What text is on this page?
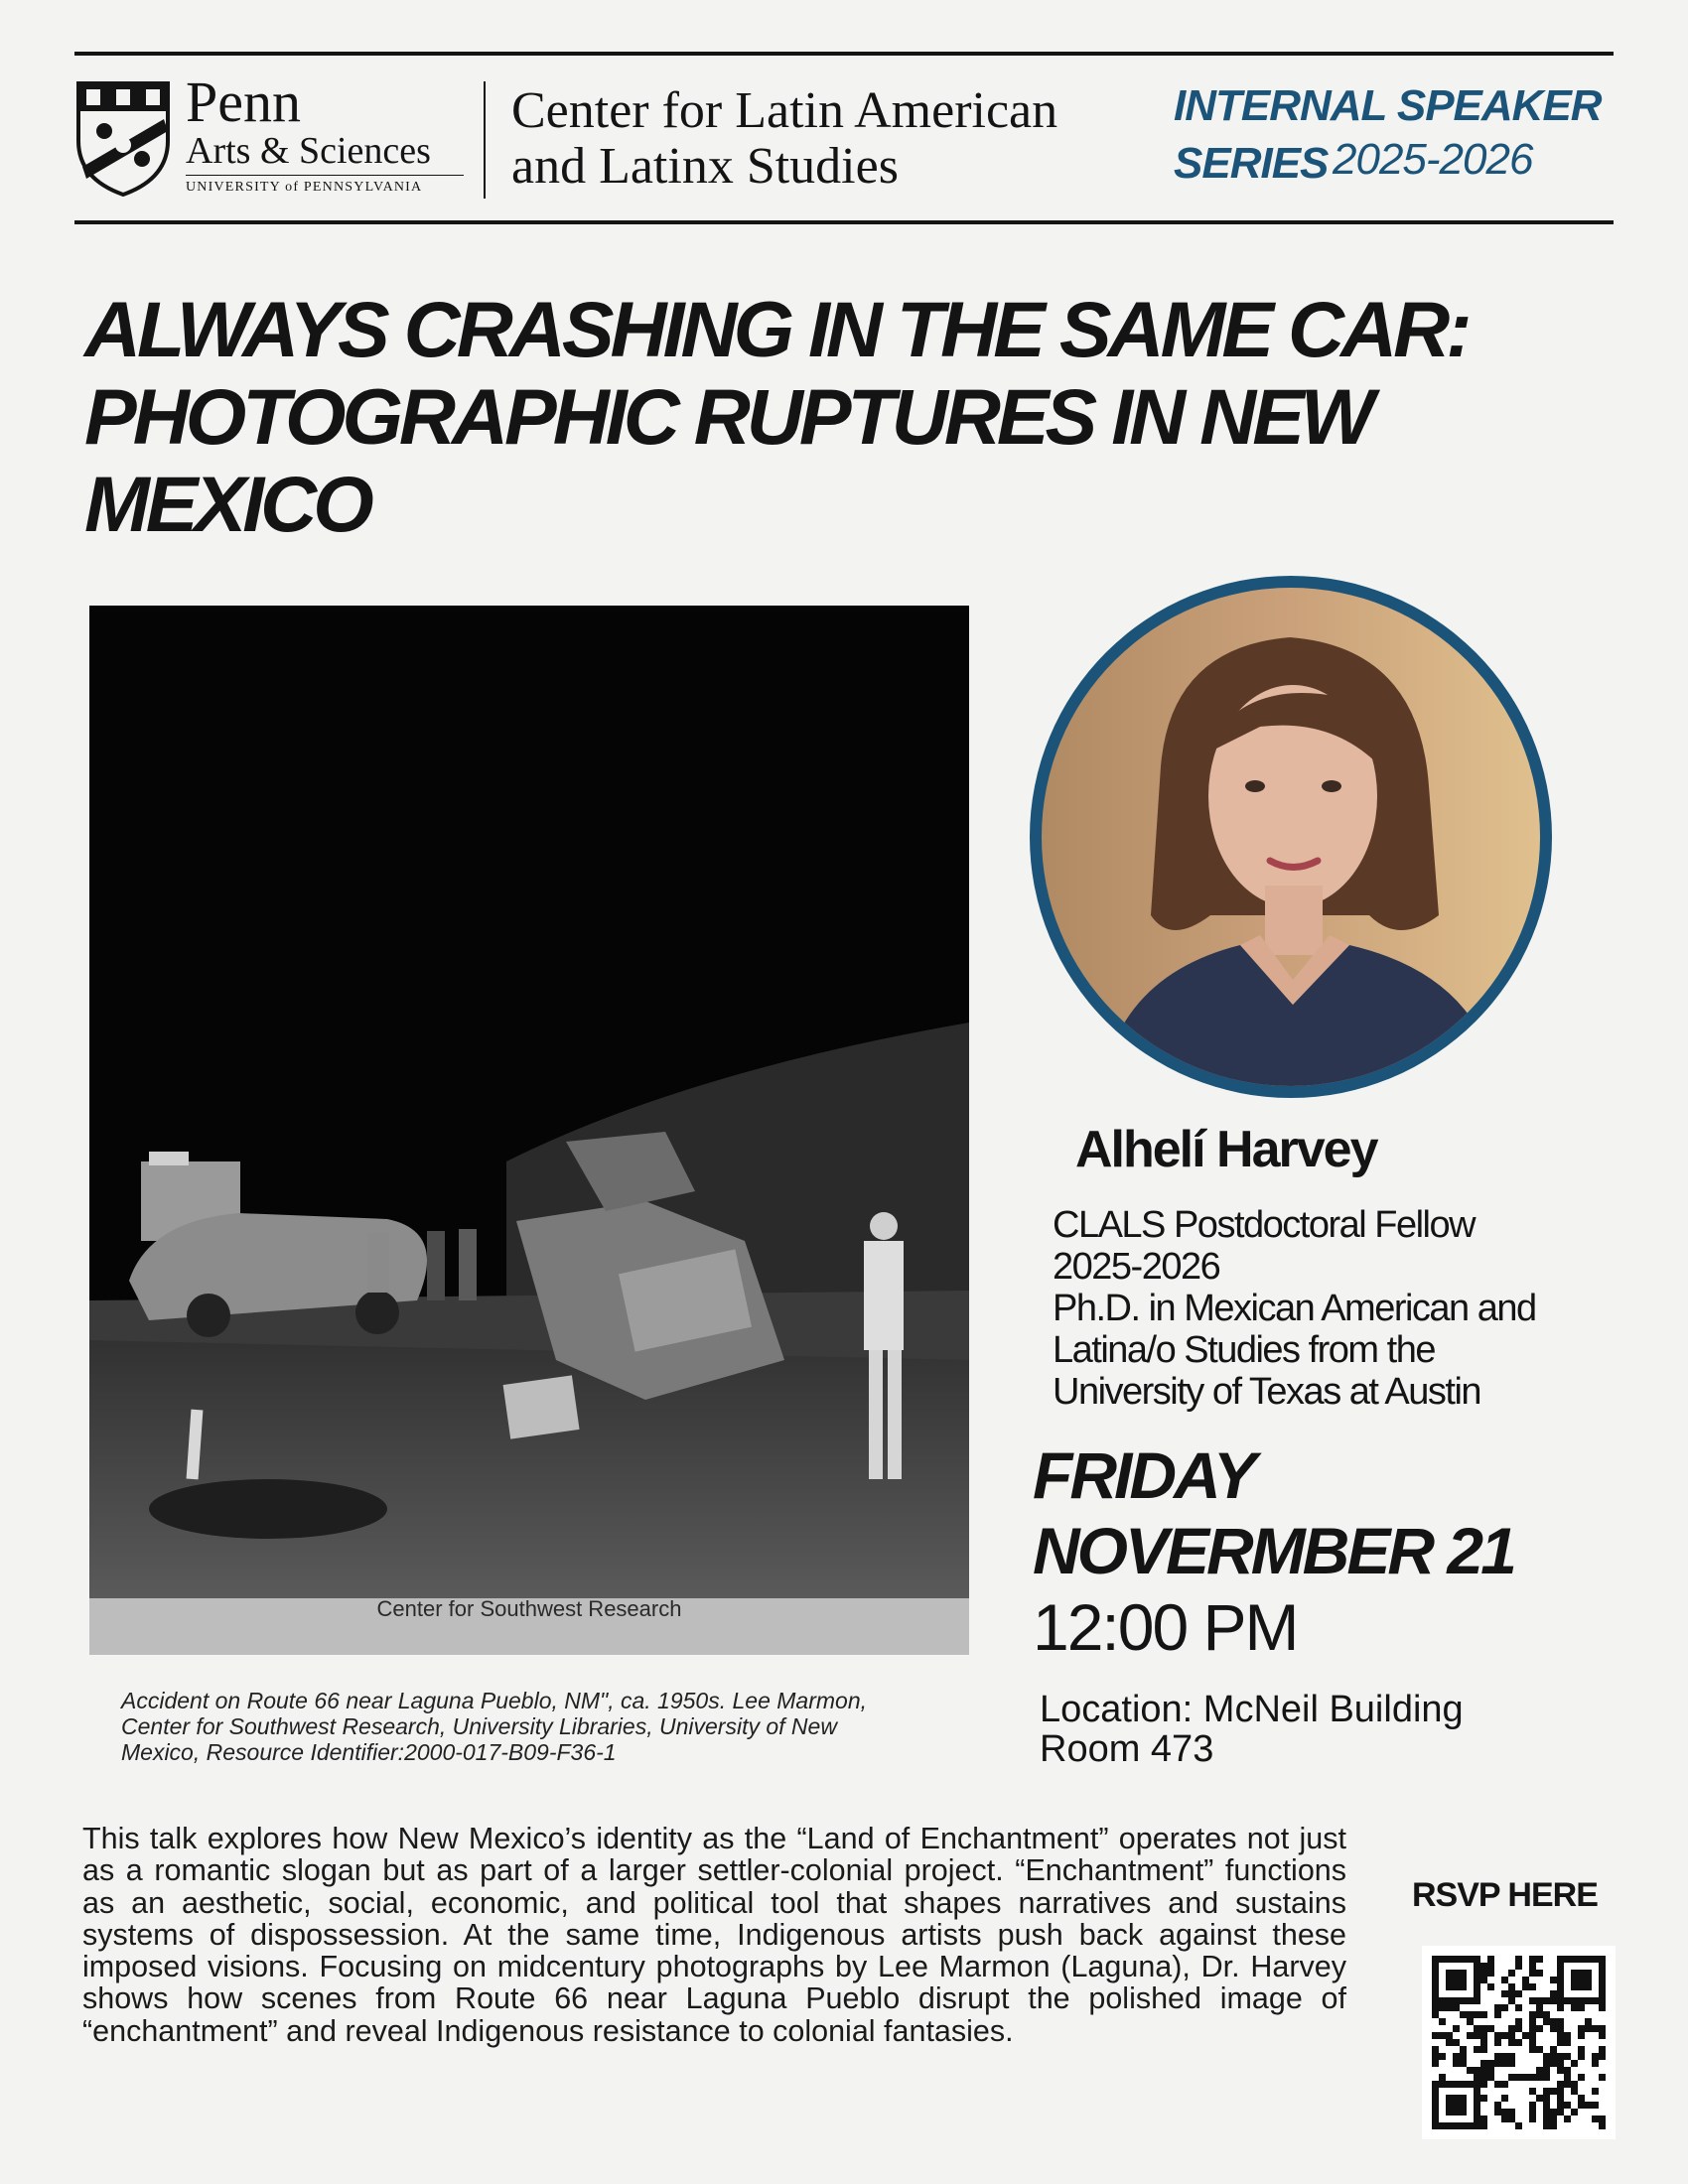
Penn
Arts & Sciences
UNIVERSITY of PENNSYLVANIA
Center for Latin American
and Latinx Studies
INTERNAL SPEAKER SERIES 2025-2026
ALWAYS CRASHING IN THE SAME CAR: PHOTOGRAPHIC RUPTURES IN NEW MEXICO
Center for Southwest Research
Accident on Route 66 near Laguna Pueblo, NM", ca. 1950s. Lee Marmon, Center for Southwest Research, University Libraries, University of New Mexico, Resource Identifier:2000-017-B09-F36-1
Alhelí Harvey
CLALS Postdoctoral Fellow
2025-2026
Ph.D. in Mexican American and
Latina/o Studies from the
University of Texas at Austin
FRIDAY
NOVERMBER 21
12:00 PM
Location: McNeil Building
Room 473

This talk explores how New Mexico’s identity as the “Land of Enchantment” operates not just as a romantic slogan but as part of a larger settler-colonial project. “Enchantment” functions as an aesthetic, social, economic, and political tool that shapes narratives and sustains systems of dispossession. At the same time, Indigenous artists push back against these imposed visions. Focusing on midcentury photographs by Lee Marmon (Laguna), Dr. Harvey shows how scenes from Route 66 near Laguna Pueblo disrupt the polished image of “enchantment” and reveal Indigenous resistance to colonial fantasies.

RSVP HERE
